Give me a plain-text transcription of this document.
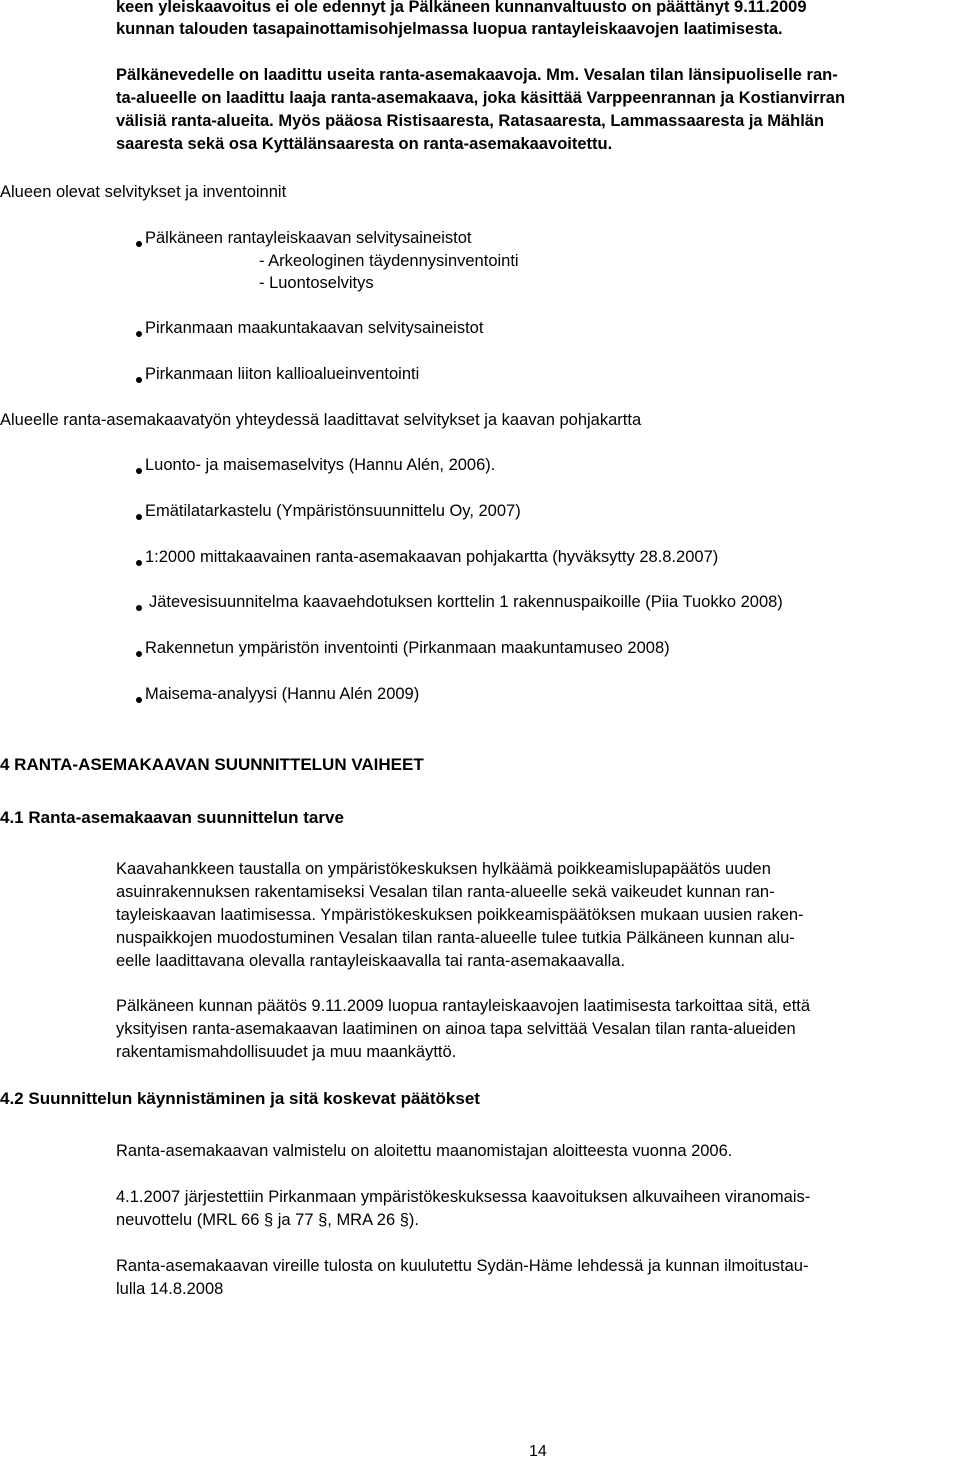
keen yleiskaavoitus ei ole edennyt ja Pälkäneen kunnanvaltuusto on päättänyt 9.11.2009
kunnan talouden tasapainottamisohjelmassa luopua rantayleiskaavojen laatimisesta.
Pälkänevedelle on laadittu useita ranta-asemakaavoja. Mm. Vesalan tilan länsipuoliselle ran-
ta-alueelle on laadittu laaja ranta-asemakaava, joka käsittää Varppeenrannan ja Kostianvirran
välisiä ranta-alueita. Myös pääosa Ristisaaresta, Ratasaaresta, Lammassaaresta ja Mählän
saaresta sekä osa Kyttälänsaaresta on ranta-asemakaavoitettu.
Alueen olevat selvitykset ja inventoinnit
Pälkäneen rantayleiskaavan selvitysaineistot
- Arkeologinen täydennysinventointi
- Luontoselvitys
Pirkanmaan maakuntakaavan selvitysaineistot
Pirkanmaan liiton kallioalueinventointi
Alueelle ranta-asemakaavatyön yhteydessä laadittavat selvitykset ja kaavan pohjakartta
Luonto- ja maisemaselvitys (Hannu Alén, 2006).
Emätilatarkastelu (Ympäristönsuunnittelu Oy, 2007)
1:2000 mittakaavainen ranta-asemakaavan pohjakartta (hyväksytty 28.8.2007)
Jätevesisuunnitelma kaavaehdotuksen korttelin 1 rakennuspaikoille (Piia Tuokko 2008)
Rakennetun ympäristön inventointi (Pirkanmaan maakuntamuseo 2008)
Maisema-analyysi (Hannu Alén 2009)
4 RANTA-ASEMAKAAVAN SUUNNITTELUN VAIHEET
4.1 Ranta-asemakaavan suunnittelun tarve
Kaavahankkeen taustalla on ympäristökeskuksen hylkäämä poikkeamislupapäätös uuden
asuinrakennuksen rakentamiseksi Vesalan tilan ranta-alueelle sekä vaikeudet kunnan ran-
tayleiskaavan laatimisessa. Ympäristökeskuksen poikkeamispäätöksen mukaan uusien raken-
nuspaikkojen muodostuminen Vesalan tilan ranta-alueelle tulee tutkia Pälkäneen kunnan alu-
eelle laadittavana olevalla rantayleiskaavalla tai ranta-asemakaavalla.
Pälkäneen kunnan päätös 9.11.2009 luopua rantayleiskaavojen laatimisesta tarkoittaa sitä, että
yksityisen ranta-asemakaavan laatiminen on ainoa tapa selvittää Vesalan tilan ranta-alueiden
rakentamismahdollisuudet ja muu maankäyttö.
4.2 Suunnittelun käynnistäminen ja sitä koskevat päätökset
Ranta-asemakaavan valmistelu on aloitettu maanomistajan aloitteesta vuonna 2006.
4.1.2007 järjestettiin Pirkanmaan ympäristökeskuksessa kaavoituksen alkuvaiheen viranomais-
neuvottelu (MRL 66 § ja 77 §, MRA 26 §).
Ranta-asemakaavan vireille tulosta on kuulutettu Sydän-Häme lehdessä ja kunnan ilmoitustau-
lulla 14.8.2008
14
